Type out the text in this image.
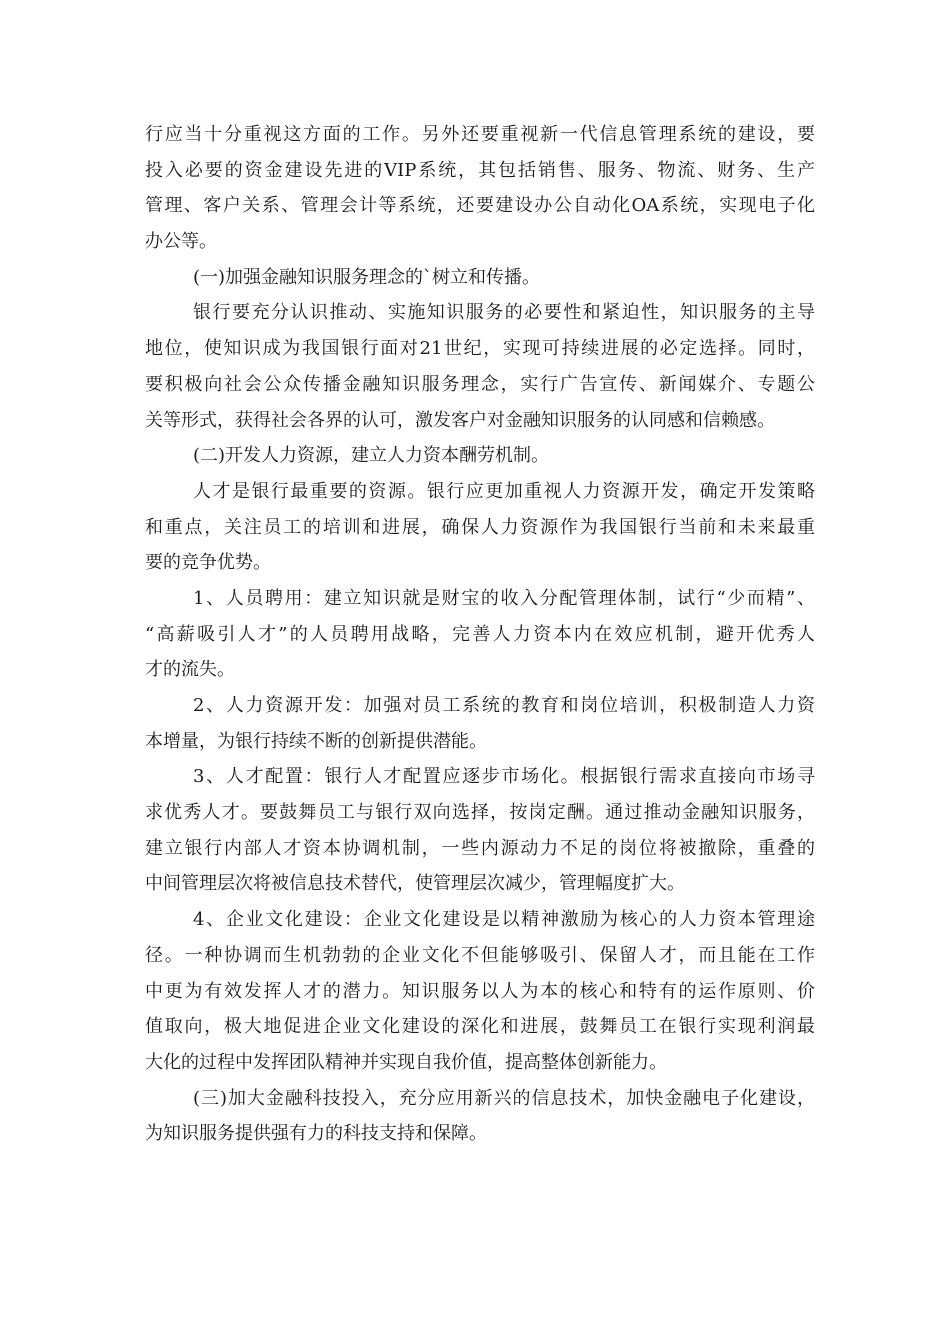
行应当十分重视这方面的工作。另外还要重视新一代信息管理系统的建设，要
投入必要的资金建设先进的VIP系统，其包括销售、服务、物流、财务、生产
管理、客户关系、管理会计等系统，还要建设办公自动化OA系统，实现电子化
办公等。
(一)加强金融知识服务理念的`树立和传播。
银行要充分认识推动、实施知识服务的必要性和紧迫性，知识服务的主导
地位，使知识成为我国银行面对21世纪，实现可持续进展的必定选择。同时，
要积极向社会公众传播金融知识服务理念，实行广告宣传、新闻媒介、专题公
关等形式，获得社会各界的认可，激发客户对金融知识服务的认同感和信赖感。
(二)开发人力资源，建立人力资本酬劳机制。
人才是银行最重要的资源。银行应更加重视人力资源开发，确定开发策略
和重点，关注员工的培训和进展，确保人力资源作为我国银行当前和未来最重
要的竞争优势。
1、人员聘用：建立知识就是财宝的收入分配管理体制，试行“少而精”、
“高薪吸引人才”的人员聘用战略，完善人力资本内在效应机制，避开优秀人
才的流失。
2、人力资源开发：加强对员工系统的教育和岗位培训，积极制造人力资
本增量，为银行持续不断的创新提供潜能。
3、人才配置：银行人才配置应逐步市场化。根据银行需求直接向市场寻
求优秀人才。要鼓舞员工与银行双向选择，按岗定酬。通过推动金融知识服务，
建立银行内部人才资本协调机制，一些内源动力不足的岗位将被撤除，重叠的
中间管理层次将被信息技术替代，使管理层次减少，管理幅度扩大。
4、企业文化建设：企业文化建设是以精神激励为核心的人力资本管理途
径。一种协调而生机勃勃的企业文化不但能够吸引、保留人才，而且能在工作
中更为有效发挥人才的潜力。知识服务以人为本的核心和特有的运作原则、价
值取向，极大地促进企业文化建设的深化和进展，鼓舞员工在银行实现利润最
大化的过程中发挥团队精神并实现自我价值，提高整体创新能力。
(三)加大金融科技投入，充分应用新兴的信息技术，加快金融电子化建设，
为知识服务提供强有力的科技支持和保障。
